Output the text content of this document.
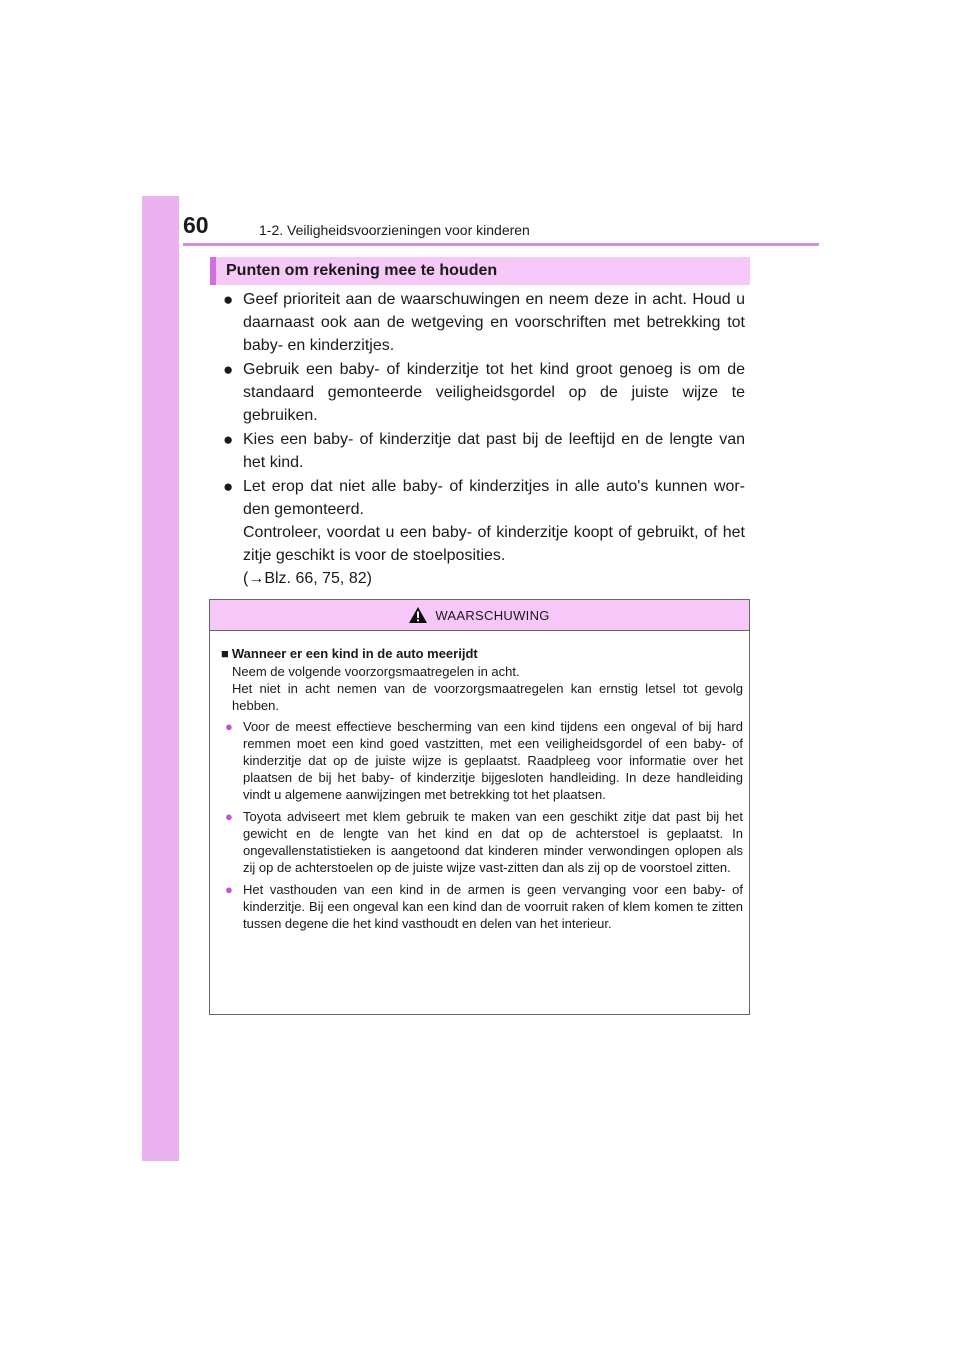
60	1-2. Veiligheidsvoorzieningen voor kinderen
Punten om rekening mee te houden
● Geef prioriteit aan de waarschuwingen en neem deze in acht. Houd u daarnaast ook aan de wetgeving en voorschriften met betrekking tot baby- en kinderzitjes.

● Gebruik een baby- of kinderzitje tot het kind groot genoeg is om de standaard gemonteerde veiligheidsgordel op de juiste wijze te gebruiken.

● Kies een baby- of kinderzitje dat past bij de leeftijd en de lengte van het kind.

● Let erop dat niet alle baby- of kinderzitjes in alle auto's kunnen wor-den gemonteerd.

Controleer, voordat u een baby- of kinderzitje koopt of gebruikt, of het zitje geschikt is voor de stoelposities.

(→Blz. 66, 75, 82)

WAARSCHUWING
■ Wanneer er een kind in de auto meerijdt

Neem de volgende voorzorgsmaatregelen in acht.
Het niet in acht nemen van de voorzorgsmaatregelen kan ernstig letsel tot gevolg hebben.

● Voor de meest effectieve bescherming van een kind tijdens een ongeval of bij hard remmen moet een kind goed vastzitten, met een veiligheidsgordel of een baby- of kinderzitje dat op de juiste wijze is geplaatst. Raadpleeg voor informatie over het plaatsen de bij het baby- of kinderzitje bijgesloten handleiding. In deze handleiding vindt u algemene aanwijzingen met betrekking tot het plaatsen.
● Toyota adviseert met klem gebruik te maken van een geschikt zitje dat past bij het gewicht en de lengte van het kind en dat op de achterstoel is geplaatst. In ongevallenstatistieken is aangetoond dat kinderen minder verwondingen oplopen als zij op de achterstoelen op de juiste wijze vast-zitten dan als zij op de voorstoel zitten.
● Het vasthouden van een kind in de armen is geen vervanging voor een baby- of kinderzitje. Bij een ongeval kan een kind dan de voorruit raken of klem komen te zitten tussen degene die het kind vasthoudt en delen van het interieur.
